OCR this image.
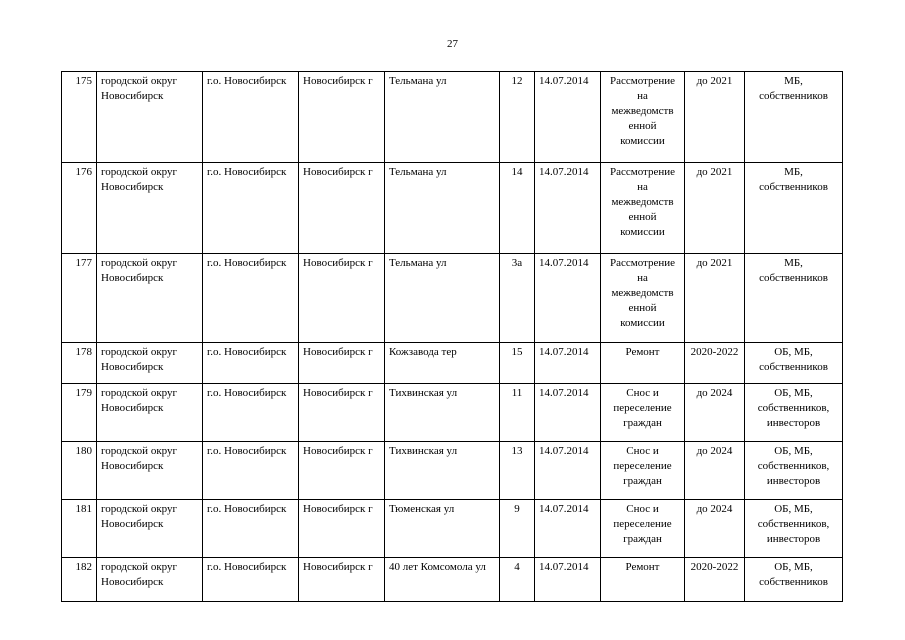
27
175	городской округ Новосибирск	г.о. Новосибирск	Новосибирск г	Тельмана ул	12	14.07.2014	Рассмотрение на межведомств енной комиссии	до 2021	МБ, собственников
176	городской округ Новосибирск	г.о. Новосибирск	Новосибирск г	Тельмана ул	14	14.07.2014	Рассмотрение на межведомств енной комиссии	до 2021	МБ, собственников
177	городской округ Новосибирск	г.о. Новосибирск	Новосибирск г	Тельмана ул	3а	14.07.2014	Рассмотрение на межведомств енной комиссии	до 2021	МБ, собственников
178	городской округ Новосибирск	г.о. Новосибирск	Новосибирск г	Кожзавода тер	15	14.07.2014	Ремонт	2020-2022	ОБ, МБ, собственников
179	городской округ Новосибирск	г.о. Новосибирск	Новосибирск г	Тихвинская ул	11	14.07.2014	Снос и переселение граждан	до 2024	ОБ, МБ, собственников, инвесторов
180	городской округ Новосибирск	г.о. Новосибирск	Новосибирск г	Тихвинская ул	13	14.07.2014	Снос и переселение граждан	до 2024	ОБ, МБ, собственников, инвесторов
181	городской округ Новосибирск	г.о. Новосибирск	Новосибирск г	Тюменская ул	9	14.07.2014	Снос и переселение граждан	до 2024	ОБ, МБ, собственников, инвесторов
182	городской округ Новосибирск	г.о. Новосибирск	Новосибирск г	40 лет Комсомола ул	4	14.07.2014	Ремонт	2020-2022	ОБ, МБ, собственников
